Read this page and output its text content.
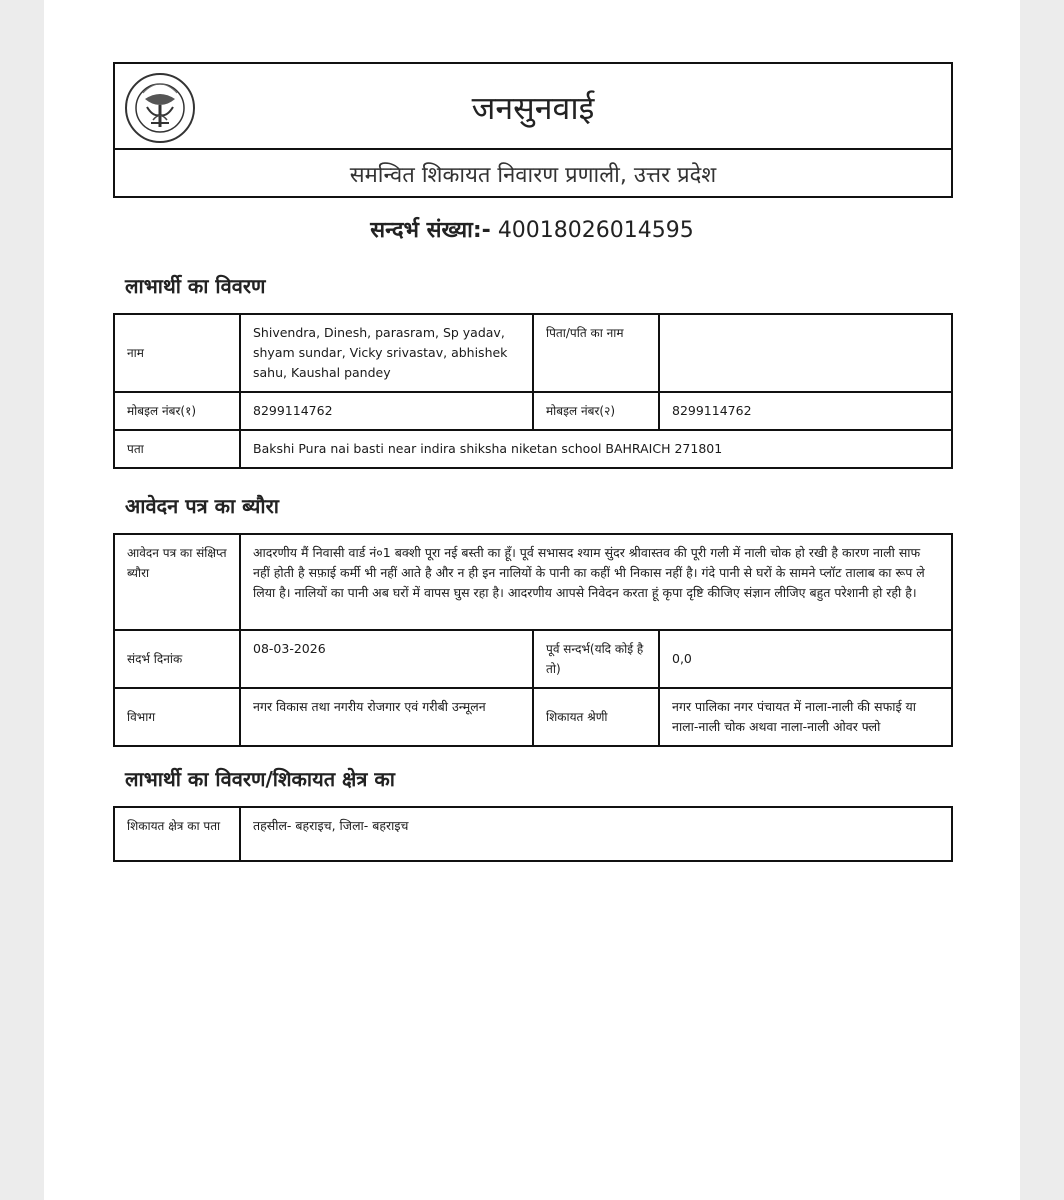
जनसुनवाई
समन्वित शिकायत निवारण प्रणाली, उत्तर प्रदेश
सन्दर्भ संख्या:- 40018026014595
लाभार्थी का विवरण
नाम	Shivendra, Dinesh, parasram, Sp yadav, shyam sundar, Vicky srivastav, abhishek sahu, Kaushal pandey	पिता/पति का नाम	
मोबइल नंबर(१)	8299114762	मोबइल नंबर(२)	8299114762
पता	Bakshi Pura nai basti near indira shiksha niketan school BAHRAICH 271801		
आवेदन पत्र का ब्यौरा
आवेदन पत्र का संक्षिप्त ब्यौरा	आदरणीय मैं निवासी वार्ड नं०1 बक्शी पूरा नई बस्ती का हूँ। पूर्व सभासद श्याम सुंदर श्रीवास्तव की पूरी गली में नाली चोक हो रखी है कारण नाली साफ नहीं होती है सफ़ाई कर्मी भी नहीं आते है और न ही इन नालियों के पानी का कहीं भी निकास नहीं है। गंदे पानी से घरों के सामने प्लॉट तालाब का रूप ले लिया है। नालियों का पानी अब घरों में वापस घुस रहा है। आदरणीय आपसे निवेदन करता हूं कृपा दृष्टि कीजिए संज्ञान लीजिए बहुत परेशानी हो रही है।		
संदर्भ दिनांक	08-03-2026	पूर्व सन्दर्भ(यदि कोई है तो)	0,0
विभाग	नगर विकास तथा नगरीय रोजगार एवं गरीबी उन्मूलन	शिकायत श्रेणी	नगर पालिका नगर पंचायत में नाला-नाली की सफाई या नाला-नाली चोक अथवा नाला-नाली ओवर फ्लो
लाभार्थी का विवरण/शिकायत क्षेत्र का
शिकायत क्षेत्र का पता	तहसील- बहराइच, जिला- बहराइच
